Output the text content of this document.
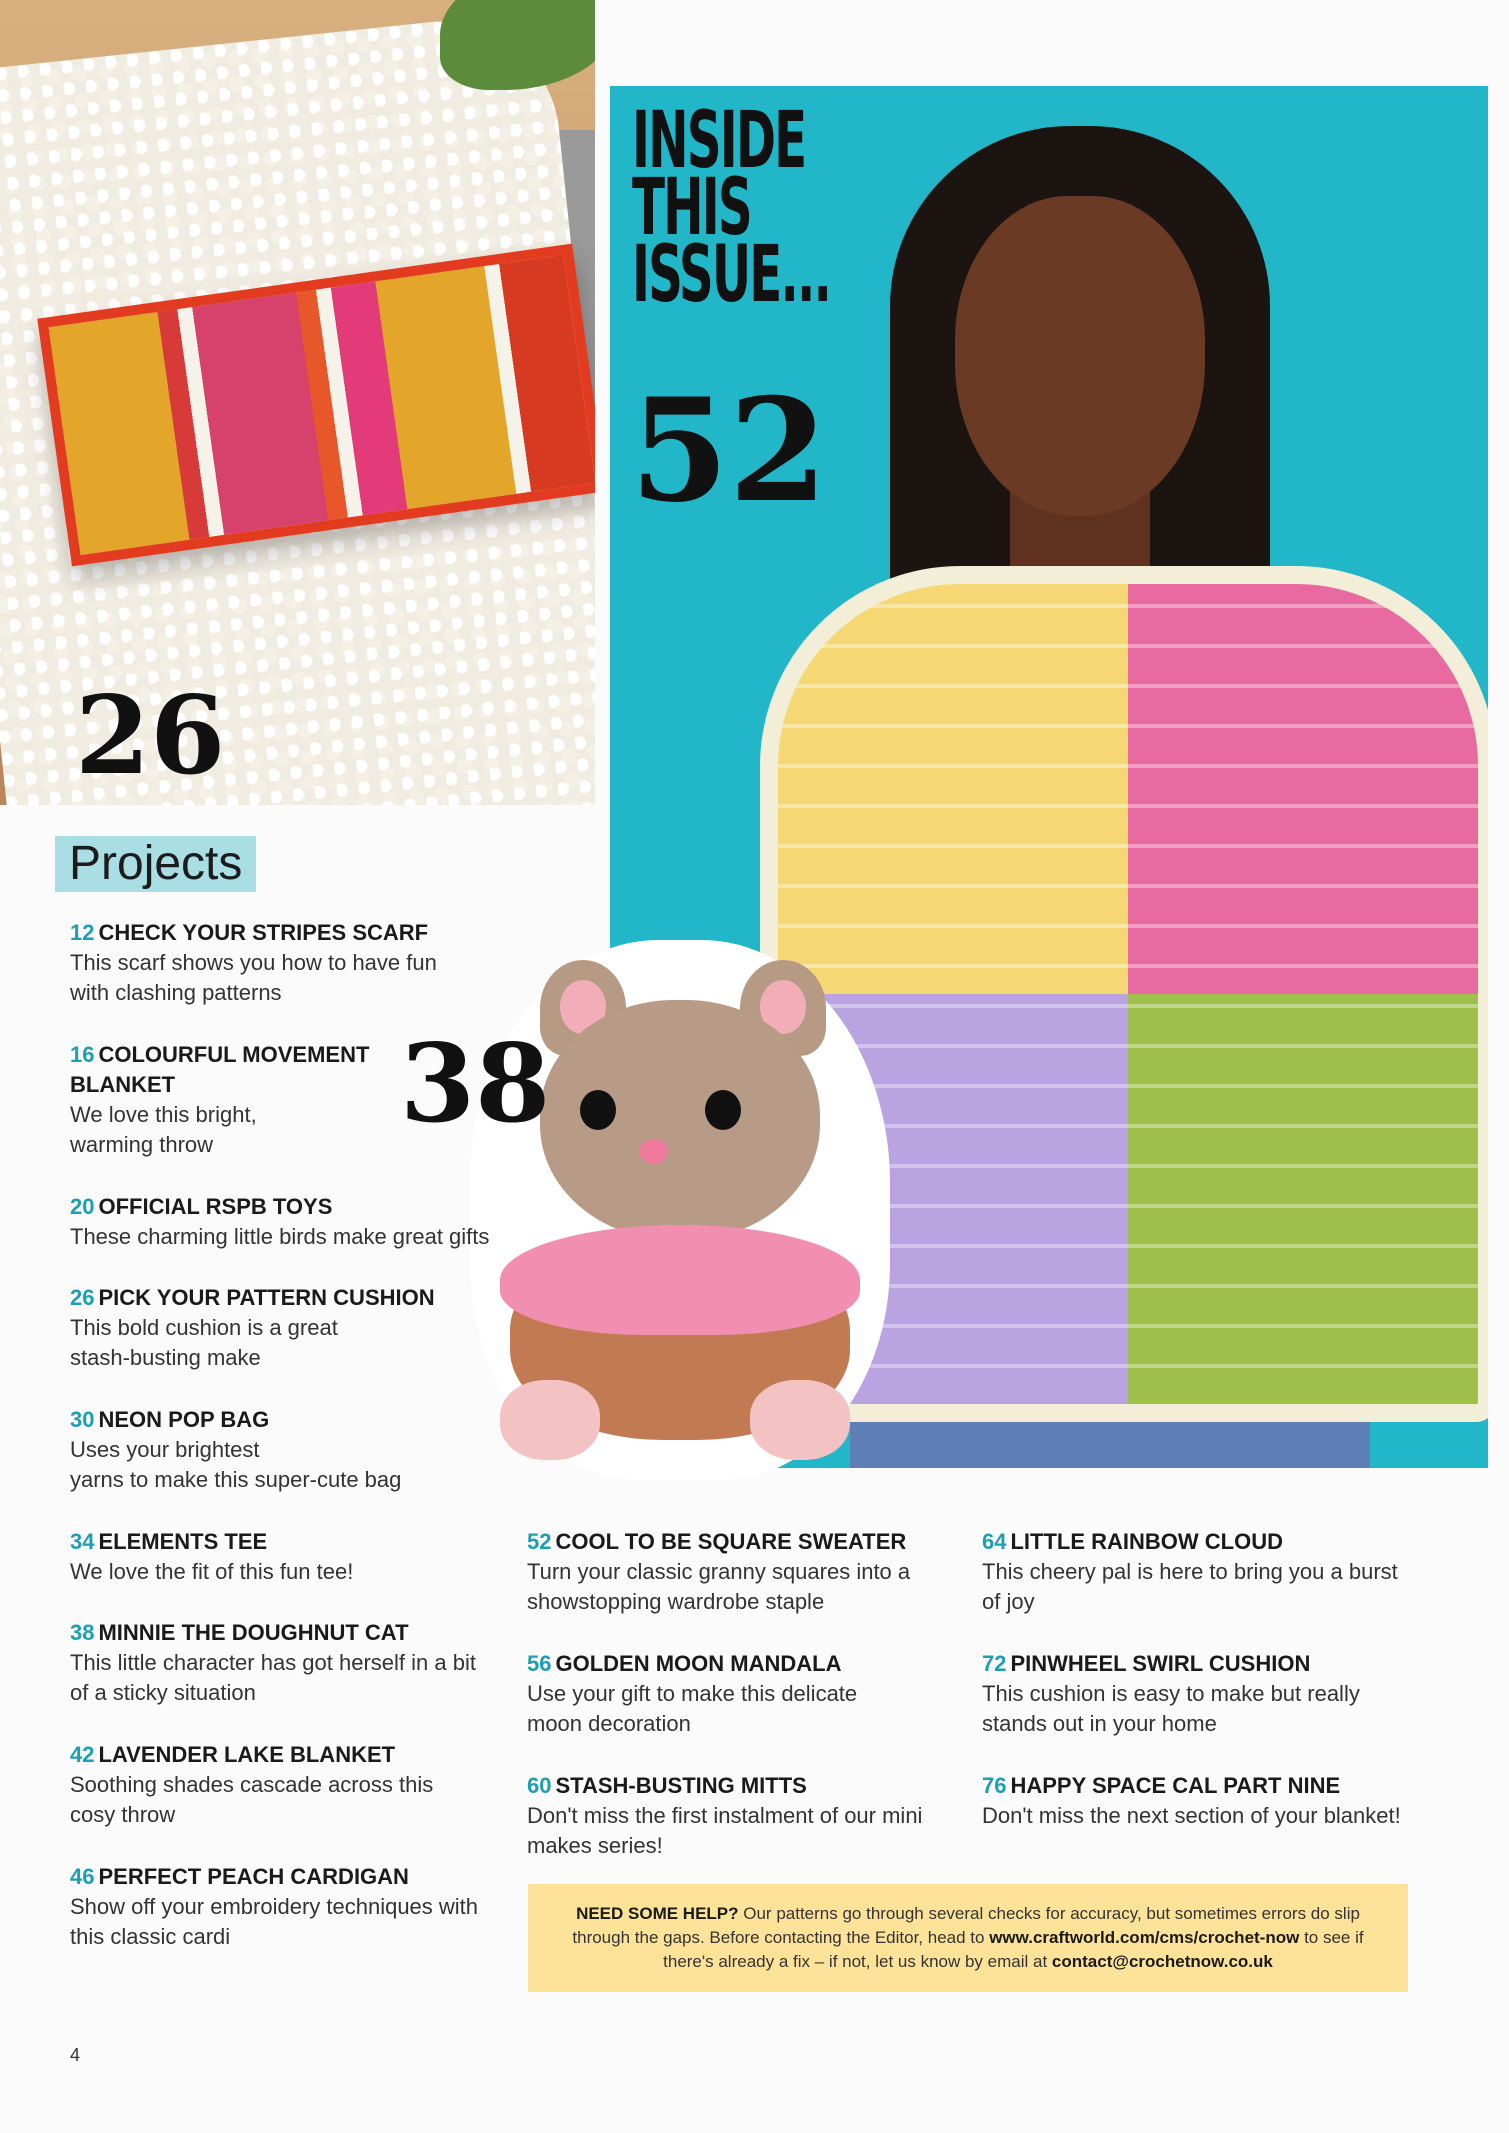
26
INSIDE
THIS
ISSUE...
52
38
Projects
12 CHECK YOUR STRIPES SCARF
This scarf shows you how to have fun
with clashing patterns
16 COLOURFUL MOVEMENT
BLANKET
We love this bright,
warming throw
20 OFFICIAL RSPB TOYS
These charming little birds make great gifts
26 PICK YOUR PATTERN CUSHION
This bold cushion is a great
stash-busting make
30 NEON POP BAG
Uses your brightest
yarns to make this super-cute bag
34 ELEMENTS TEE
We love the fit of this fun tee!
38 MINNIE THE DOUGHNUT CAT
This little character has got herself in a bit
of a sticky situation
42 LAVENDER LAKE BLANKET
Soothing shades cascade across this
cosy throw
46 PERFECT PEACH CARDIGAN
Show off your embroidery techniques with
this classic cardi
52 COOL TO BE SQUARE SWEATER
Turn your classic granny squares into a
showstopping wardrobe staple
56 GOLDEN MOON MANDALA
Use your gift to make this delicate
moon decoration
60 STASH-BUSTING MITTS
Don't miss the first instalment of our mini
makes series!
64 LITTLE RAINBOW CLOUD
This cheery pal is here to bring you a burst
of joy
72 PINWHEEL SWIRL CUSHION
This cushion is easy to make but really
stands out in your home
76 HAPPY SPACE CAL PART NINE
Don't miss the next section of your blanket!
NEED SOME HELP? Our patterns go through several checks for accuracy, but sometimes errors do slip through the gaps. Before contacting the Editor, head to www.craftworld.com/cms/crochet-now to see if there's already a fix – if not, let us know by email at contact@crochetnow.co.uk
4
